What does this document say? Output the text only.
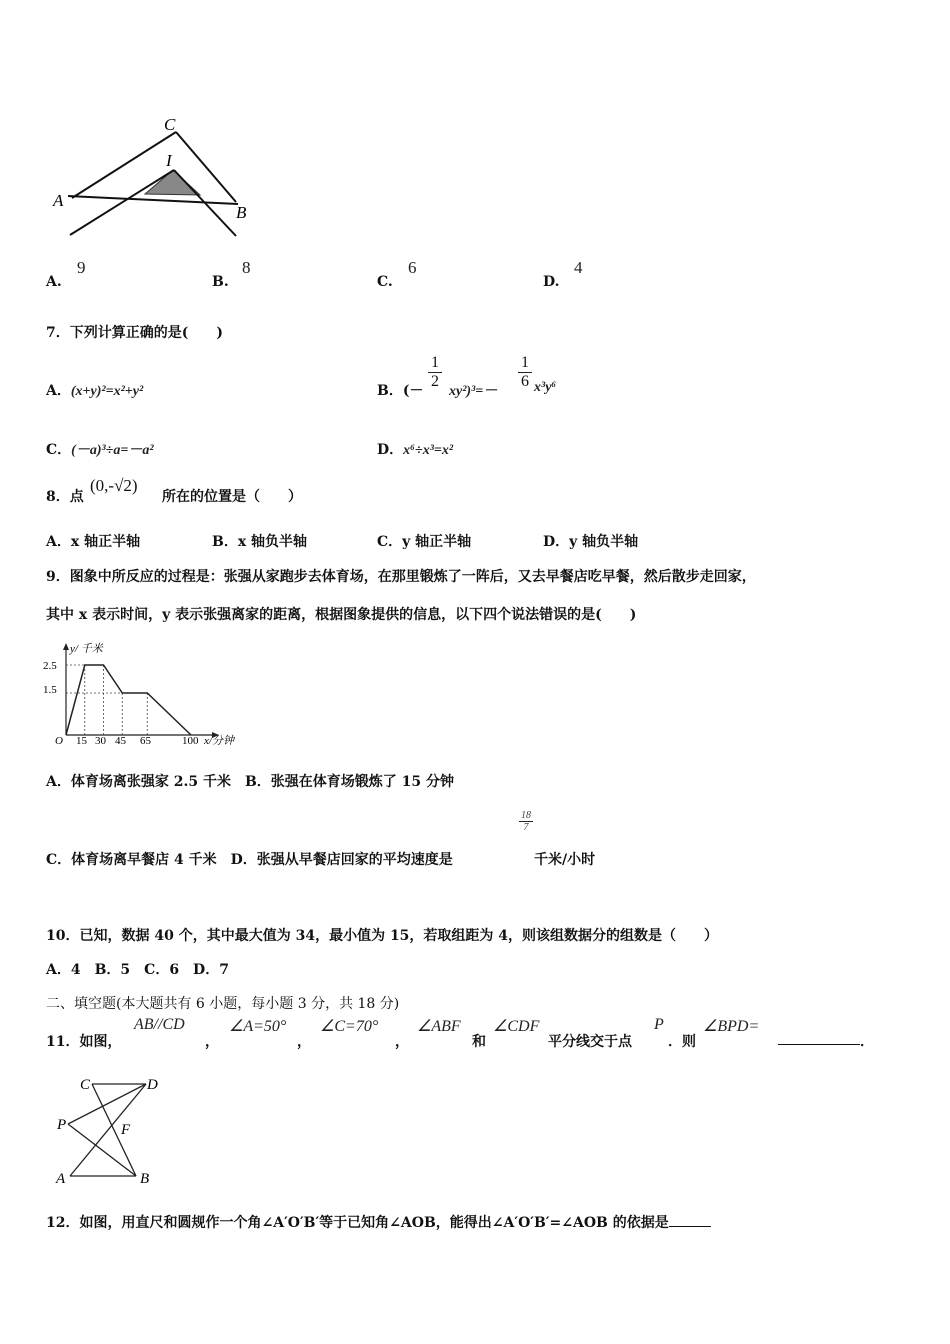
C
I
A
B
A.
9
B.
8
C.
6
D.
4
7．下列计算正确的是(　　)
A．(x+y)²=x²+y²	B．(－ $\frac{1}{2}$
xy²)³=－
$\frac{1}{6} x^3y^6$
C．(－a)³÷a=－a²	D．x⁶÷x³=x²
8．点
(0,-√2)
所在的位置是（　　）
A．x 轴正半轴	B．x 轴负半轴	C．y 轴正半轴	D．y 轴负半轴
9．图象中所反应的过程是：张强从家跑步去体育场，在那里锻炼了一阵后，又去早餐店吃早餐，然后散步走回家，
其中 x 表示时间，y 表示张强离家的距离，根据图象提供的信息，以下四个说法错误的是(　　)
y/ 千米
x/分钟
O
2.5
1.5
15 30 45 65	100
A．体育场离张强家 2.5 千米　B．张强在体育场锻炼了 15 分钟
$\frac{18}{7}$
C．体育场离早餐店 4 千米　D．张强从早餐店回家的平均速度是	千米/小时
10．已知，数据 40 个，其中最大值为 34，最小值为 15，若取组距为 4，则该组数据分的组数是（　　）
A．4　B．5　C．6　D．7
二、填空题(本大题共有 6 小题，每小题 3 分，共 18 分)
11．如图，
AB//CD
，
∠A=50°
，
∠C=70°
，
∠ABF
和
∠CDF
平分线交于点
P
．则
∠BPD=
．
C	D
P	F
A	B
12．如图，用直尺和圆规作一个角∠A′O′B′等于已知角∠AOB，能得出∠A′O′B′=∠AOB 的依据是
